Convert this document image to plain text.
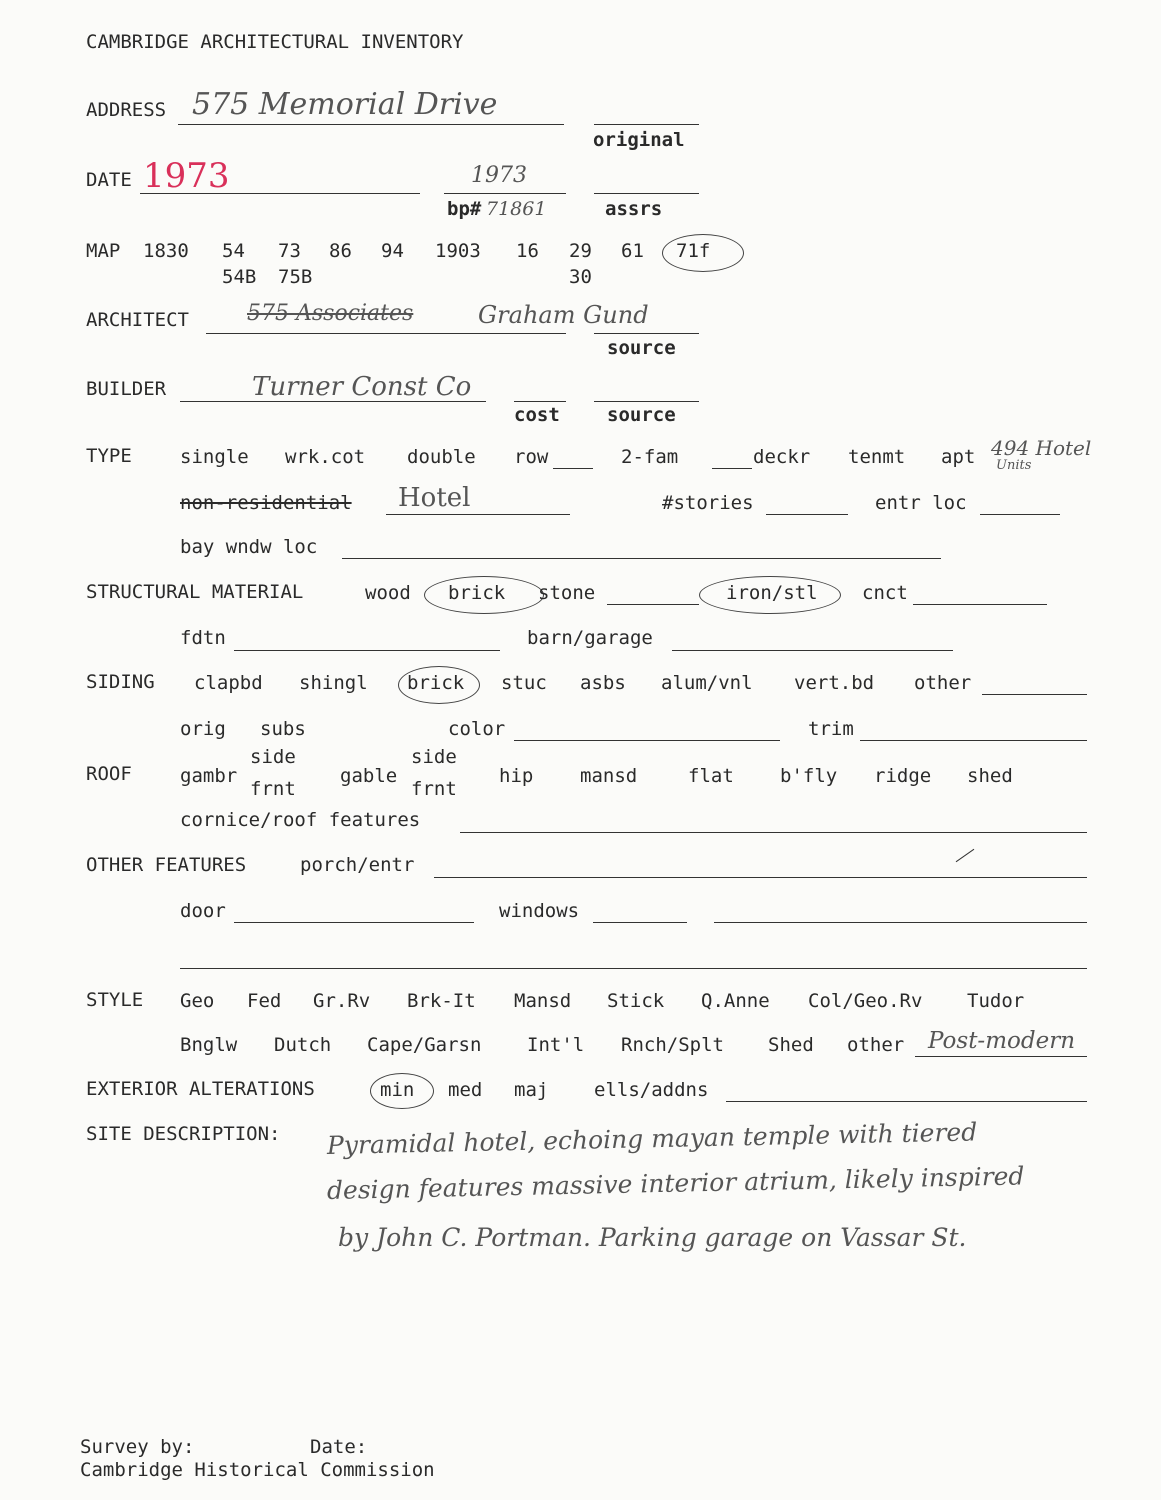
CAMBRIDGE ARCHITECTURAL INVENTORY
ADDRESS 575 Memorial Drive
original
DATE 1973	1973
bp# 71861	assrs
MAP 1830 54 73 86 94 1903 16 29 61 71f
54B 75B	30
ARCHITECT	575 Associates	Graham Gund
source
BUILDER	Turner Const Co
cost source
TYPE	single wrk.cot double row	2-fam	deckr tenmt apt 494 Hotel
Units
non-residential Hotel	#stories	entr loc
bay wndw loc
STRUCTURAL MATERIAL	wood brick stone	iron/stl cnct
fdtn	barn/garage
SIDING clapbd shingl brick stuc asbs alum/vnl vert.bd other
orig subs	color	trim
ROOF	gambr
side
frnt
gable
side
frnt
hip mansd	flat b'fly ridge shed
cornice/roof features
OTHER FEATURES	porch/entr
door	windows
STYLE Geo Fed Gr.Rv Brk-It Mansd Stick Q.Anne Col/Geo.Rv Tudor
Bnglw Dutch Cape/Garsn Int'l Rnch/Splt Shed other Post-modern
EXTERIOR ALTERATIONS	min med maj ells/addns
SITE DESCRIPTION: Pyramidal hotel, echoing mayan temple with tiered
design features massive interior atrium, likely inspired
by John C. Portman. Parking garage on Vassar St.
Survey by:	Date:
Cambridge Historical Commission
